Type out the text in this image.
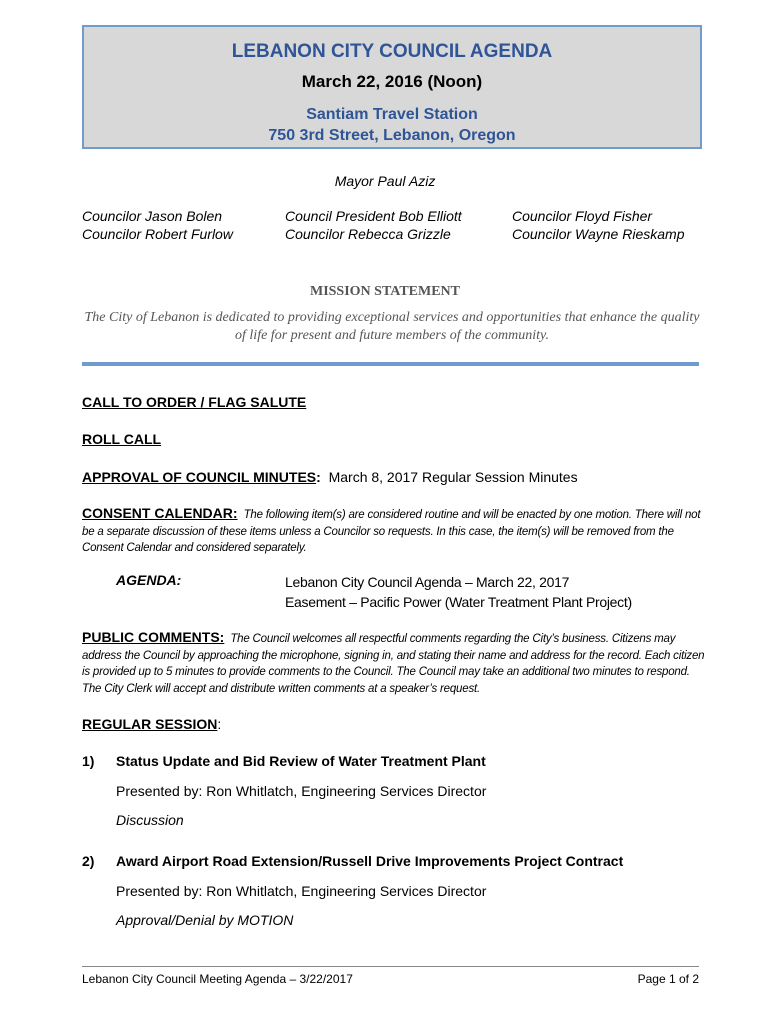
LEBANON CITY COUNCIL AGENDA
March 22, 2016 (Noon)
Santiam Travel Station
750 3rd Street, Lebanon, Oregon
Mayor Paul Aziz
Councilor Jason Bolen
Councilor Robert Furlow
Council President Bob Elliott
Councilor Rebecca Grizzle
Councilor Floyd Fisher
Councilor Wayne Rieskamp
MISSION STATEMENT
The City of Lebanon is dedicated to providing exceptional services and opportunities that enhance the quality of life for present and future members of the community.
CALL TO ORDER / FLAG SALUTE
ROLL CALL
APPROVAL OF COUNCIL MINUTES: March 8, 2017 Regular Session Minutes
CONSENT CALENDAR: The following item(s) are considered routine and will be enacted by one motion. There will not be a separate discussion of these items unless a Councilor so requests. In this case, the item(s) will be removed from the Consent Calendar and considered separately.
AGENDA:	Lebanon City Council Agenda – March 22, 2017
Easement – Pacific Power (Water Treatment Plant Project)
PUBLIC COMMENTS: The Council welcomes all respectful comments regarding the City’s business. Citizens may address the Council by approaching the microphone, signing in, and stating their name and address for the record. Each citizen is provided up to 5 minutes to provide comments to the Council. The Council may take an additional two minutes to respond. The City Clerk will accept and distribute written comments at a speaker’s request.
REGULAR SESSION:
1) Status Update and Bid Review of Water Treatment Plant
Presented by: Ron Whitlatch, Engineering Services Director
Discussion
2) Award Airport Road Extension/Russell Drive Improvements Project Contract
Presented by: Ron Whitlatch, Engineering Services Director
Approval/Denial by MOTION
Lebanon City Council Meeting Agenda – 3/22/2017	Page 1 of 2
